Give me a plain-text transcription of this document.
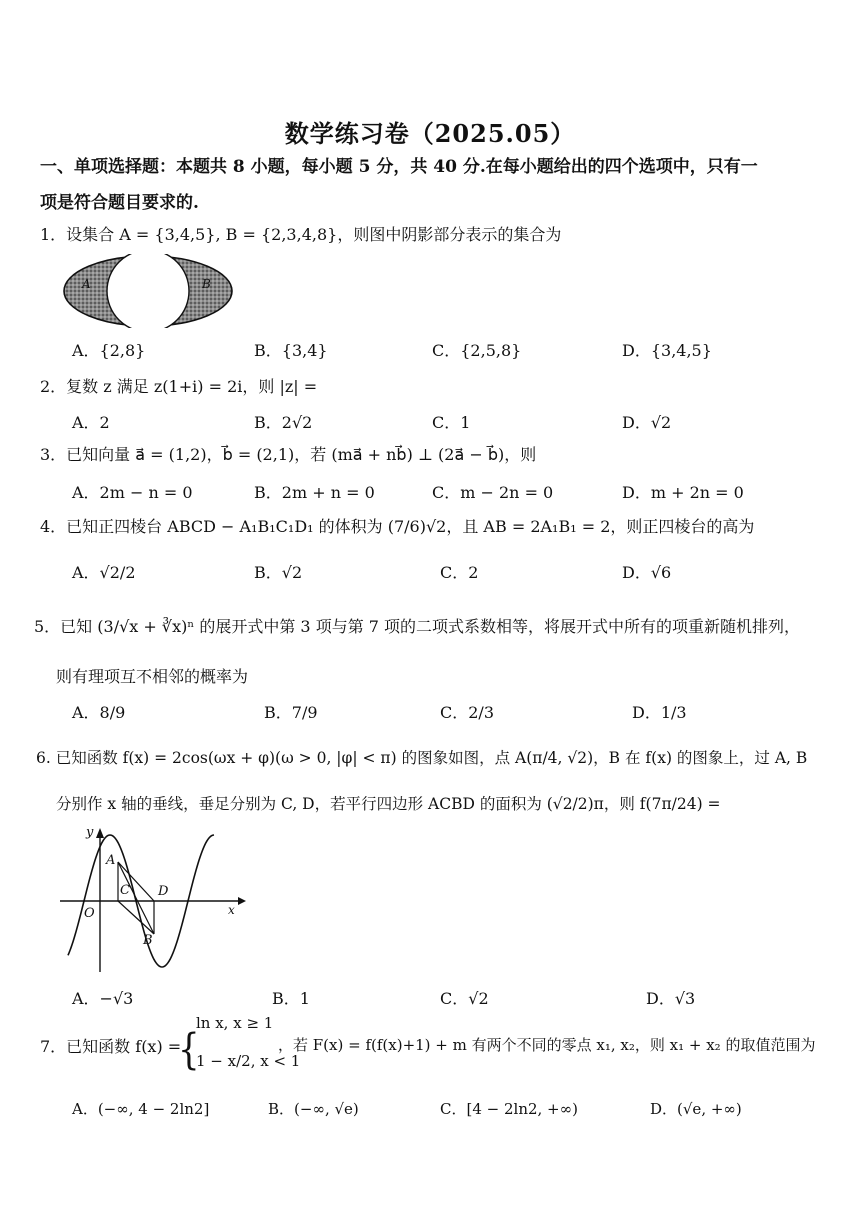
数学练习卷（2025.05）
一、单项选择题：本题共 8 小题，每小题 5 分，共 40 分.在每小题给出的四个选项中，只有一
项是符合题目要求的.
1．设集合 A = {3,4,5}, B = {2,3,4,8}，则图中阴影部分表示的集合为
A	B
A．{2,8}	B．{3,4}	C．{2,5,8}	D．{3,4,5}
2．复数 z 满足 z(1+i) = 2i，则 |z| =
A．2	B．2√2	C．1	D．√2
3．已知向量 a⃗ = (1,2)，b⃗ = (2,1)，若 (ma⃗ + nb⃗) ⊥ (2a⃗ − b⃗)，则
A．2m − n = 0	B．2m + n = 0	C．m − 2n = 0	D．m + 2n = 0
4．已知正四棱台 ABCD − A₁B₁C₁D₁ 的体积为 (7/6)√2，且 AB = 2A₁B₁ = 2，则正四棱台的高为
A．√2/2	B．√2	C．2	D．√6
5．已知 (3/√x + ∛x)ⁿ 的展开式中第 3 项与第 7 项的二项式系数相等，将展开式中所有的项重新随机排列，
则有理项互不相邻的概率为
A．8/9	B．7/9	C．2/3	D．1/3
6. 已知函数 f(x) = 2cos(ωx + φ)(ω > 0, |φ| < π) 的图象如图，点 A(π/4, √2)，B 在 f(x) 的图象上，过 A, B
分别作 x 轴的垂线，垂足分别为 C, D，若平行四边形 ACBD 的面积为 (√2/2)π，则 f(7π/24) =
y
x
O
A
B
C D
A．−√3	B．1	C．√2	D．√3
7．已知函数 f(x) =
{
ln x, x ≥ 1
1 − x/2, x < 1
，若 F(x) = f(f(x)+1) + m 有两个不同的零点 x₁, x₂，则 x₁ + x₂ 的取值范围为
A．(−∞, 4 − 2ln2]	B．(−∞, √e)	C．[4 − 2ln2, +∞)	D．(√e, +∞)
